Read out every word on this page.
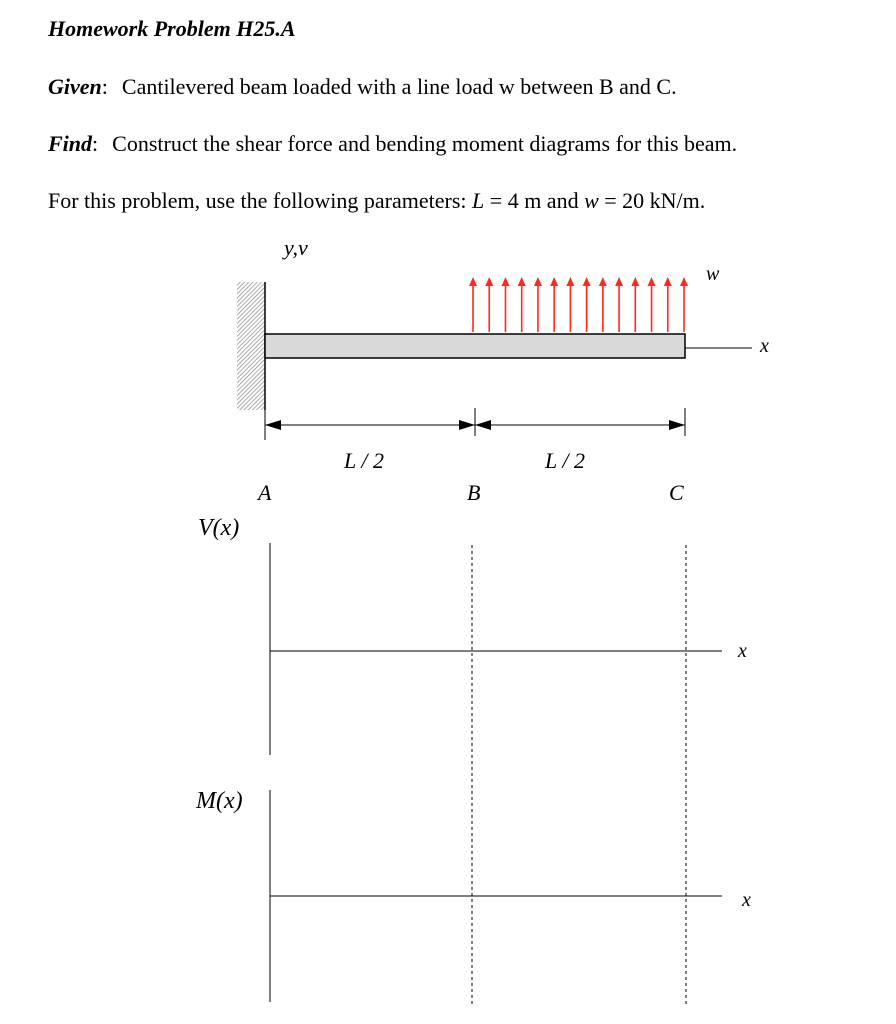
Homework Problem H25.A
Given: Cantilevered beam loaded with a line load w between B and C.
Find: Construct the shear force and bending moment diagrams for this beam.
For this problem, use the following parameters: L = 4 m and w = 20 kN/m.
y,v
x
w
L / 2	L / 2
A	B	C
V(x)
x
M(x)
x
